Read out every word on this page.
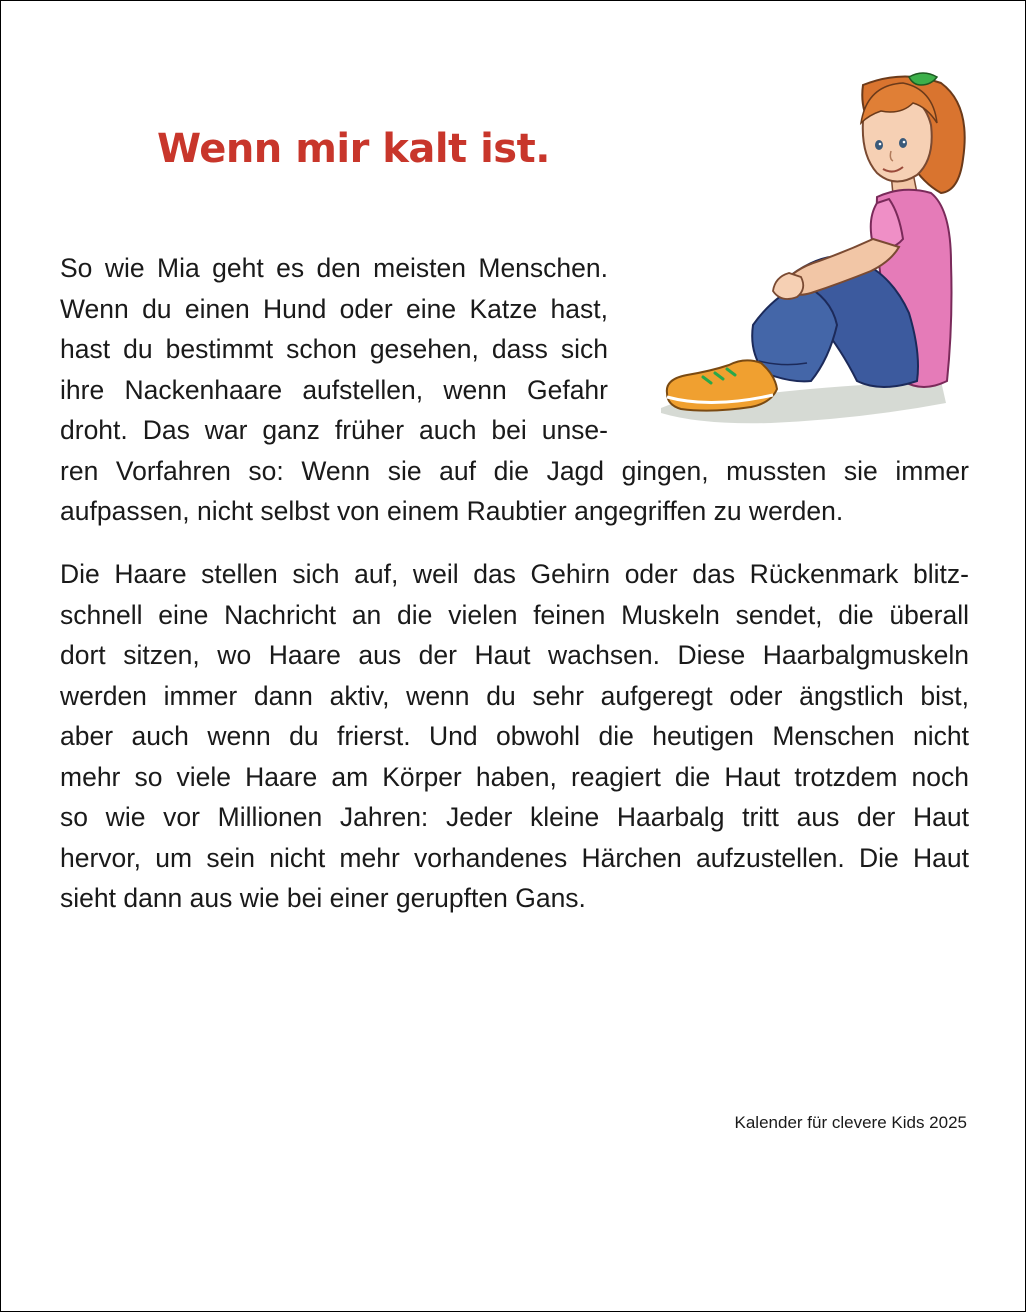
Wenn mir kalt ist.

So wie Mia geht es den meisten Menschen.
Wenn du einen Hund oder eine Katze hast,
hast du bestimmt schon gesehen, dass sich
ihre Nackenhaare aufstellen, wenn Gefahr
droht. Das war ganz früher auch bei unse-
ren Vorfahren so: Wenn sie auf die Jagd gingen, mussten sie immer
aufpassen, nicht selbst von einem Raubtier angegriffen zu werden.

Die Haare stellen sich auf, weil das Gehirn oder das Rückenmark blitz-
schnell eine Nachricht an die vielen feinen Muskeln sendet, die überall
dort sitzen, wo Haare aus der Haut wachsen. Diese Haarbalgmuskeln
werden immer dann aktiv, wenn du sehr aufgeregt oder ängstlich bist,
aber auch wenn du frierst. Und obwohl die heutigen Menschen nicht
mehr so viele Haare am Körper haben, reagiert die Haut trotzdem noch
so wie vor Millionen Jahren: Jeder kleine Haarbalg tritt aus der Haut
hervor, um sein nicht mehr vorhandenes Härchen aufzustellen. Die Haut
sieht dann aus wie bei einer gerupften Gans.

Kalender für clevere Kids 2025
